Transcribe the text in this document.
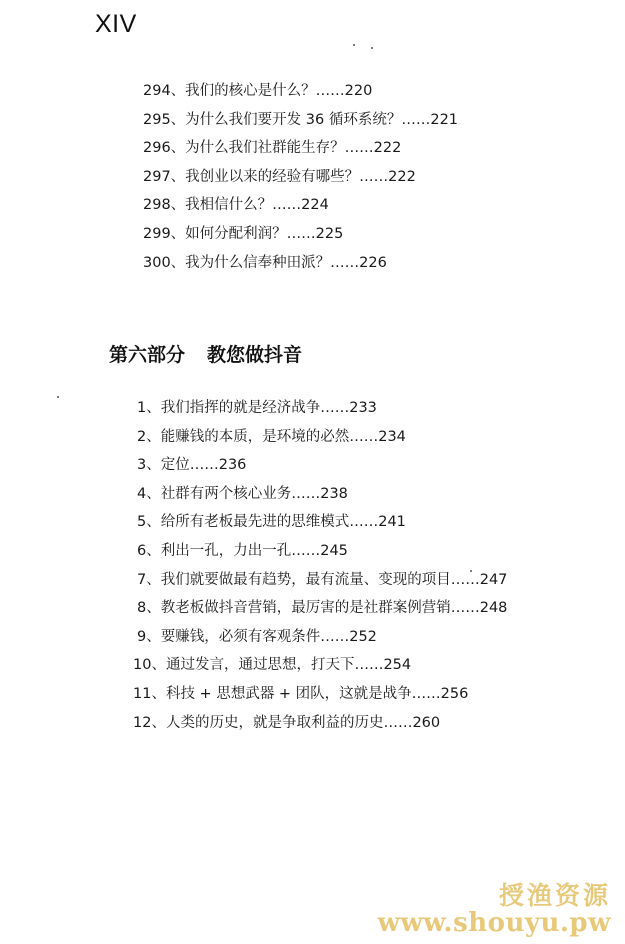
XIV
294、我们的核心是什么？……220
295、为什么我们要开发 36 循环系统？……221
296、为什么我们社群能生存？……222
297、我创业以来的经验有哪些？……222
298、我相信什么？……224
299、如何分配利润？……225
300、我为什么信奉种田派？……226
第六部分 教您做抖音
1、我们指挥的就是经济战争……233
2、能赚钱的本质，是环境的必然……234
3、定位……236
4、社群有两个核心业务……238
5、给所有老板最先进的思维模式……241
6、利出一孔，力出一孔……245
7、我们就要做最有趋势，最有流量、变现的项目……247
8、教老板做抖音营销，最厉害的是社群案例营销……248
9、要赚钱，必须有客观条件……252
10、通过发言，通过思想，打天下……254
11、科技 + 思想武器 + 团队，这就是战争……256
12、人类的历史，就是争取利益的历史……260
授渔资源
www.shouyu.pw
